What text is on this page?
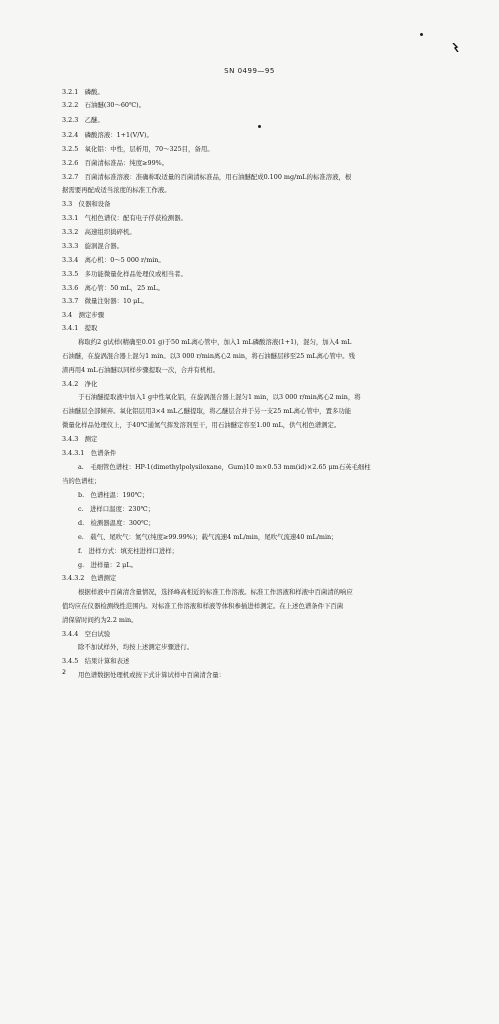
SN 0499—95
3.2.1　磷酸。
3.2.2　石油醚(30～60℃)。
3.2.3　乙醚。
3.2.4　磷酸溶液：1+1(V/V)。
3.2.5　氧化铝：中性，层析用，70～325目，备用。
3.2.6　百菌清标准品：纯度≥99%。
3.2.7　百菌清标准溶液：准确称取适量的百菌清标准品，用石油醚配成0.100 mg/mL的标准溶液，根
据需要再配成适当浓度的标准工作液。
3.3　仪器和设备
3.3.1　气相色谱仪：配有电子俘获检测器。
3.3.2　高速组织捣碎机。
3.3.3　旋涡混合器。
3.3.4　离心机：0～5 000 r/min。
3.3.5　多功能微量化样品处理仪或相当者。
3.3.6　离心管：50 mL，25 mL。
3.3.7　微量注射器：10 μL。
3.4　测定步骤
3.4.1　提取
称取约2 g试样(精确至0.01 g)于50 mL离心管中，加入1 mL磷酸溶液(1+1)，混匀，加入4 mL
石油醚，在旋涡混合器上混匀1 min。以3 000 r/min离心2 min，将石油醚层移至25 mL离心管中。残
渣再用4 mL石油醚以同样步骤提取一次，合并有机相。
3.4.2　净化
于石油醚提取液中加入1 g中性氧化铝，在旋涡混合器上混匀1 min，以3 000 r/min离心2 min，将
石油醚层全部倾弃。氧化铝层用3×4 mL乙醚提取，将乙醚层合并于另一支25 mL离心管中，置多功能
微量化样品处理仪上，于40℃通氮气挥发溶剂至干，用石油醚定容至1.00 mL，供气相色谱测定。
3.4.3　测定
3.4.3.1　色谱条件
a.　毛细管色谱柱：HP-1(dimethylpolysiloxane，Gum)10 m×0.53 mm(id)×2.65 μm石英毛细柱
当的色谱柱；
b.　色谱柱温：190℃；
c.　进样口温度：230℃；
d.　检测器温度：300℃；
e.　载气、尾吹气：氮气(纯度≥99.99%)；载气流速4 mL/min，尾吹气流速40 mL/min；
f.　进样方式：填充柱进样口进样；
g.　进样量：2 μL。
3.4.3.2　色谱测定
根据样液中百菌清含量情况，选择峰高相近的标准工作溶液。标准工作溶液和样液中百菌清的响应
值均应在仪器检测线性范围内。对标准工作溶液和样液等体积参插进样测定。在上述色谱条件下百菌
清保留时间约为2.2 min。
3.4.4　空白试验
除不加试样外，均按上述测定步骤进行。
3.4.5　结果计算和表述
用色谱数据处理机或按下式计算试样中百菌清含量：
2
